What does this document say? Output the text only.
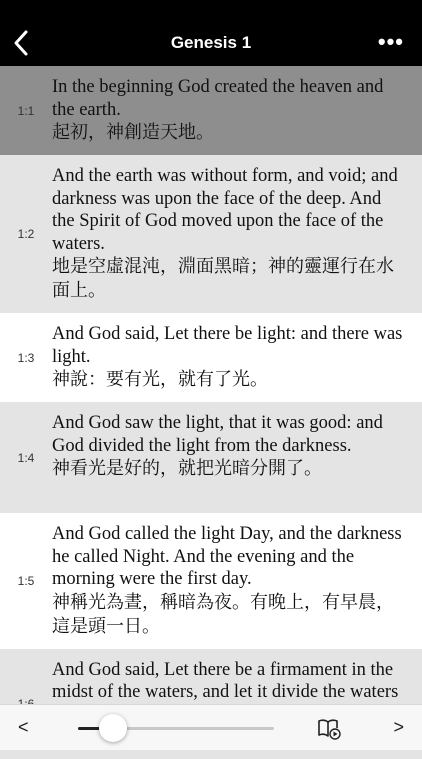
Genesis 1	•••
1:1
In the beginning God created the heaven and the earth.
起初，神創造天地。
1:2
And the earth was without form, and void; and darkness was upon the face of the deep. And the Spirit of God moved upon the face of the waters.
地是空虛混沌，淵面黑暗；神的靈運行在水面上。
1:3
And God said, Let there be light: and there was light.
神說：要有光，就有了光。
1:4
And God saw the light, that it was good: and God divided the light from the darkness.
神看光是好的，就把光暗分開了。
1:5
And God called the light Day, and the darkness he called Night. And the evening and the morning were the first day.
神稱光為晝，稱暗為夜。有晚上，有早晨，這是頭一日。
And God said, Let there be a firmament in the midst of the waters, and let it divide the waters
<	>
